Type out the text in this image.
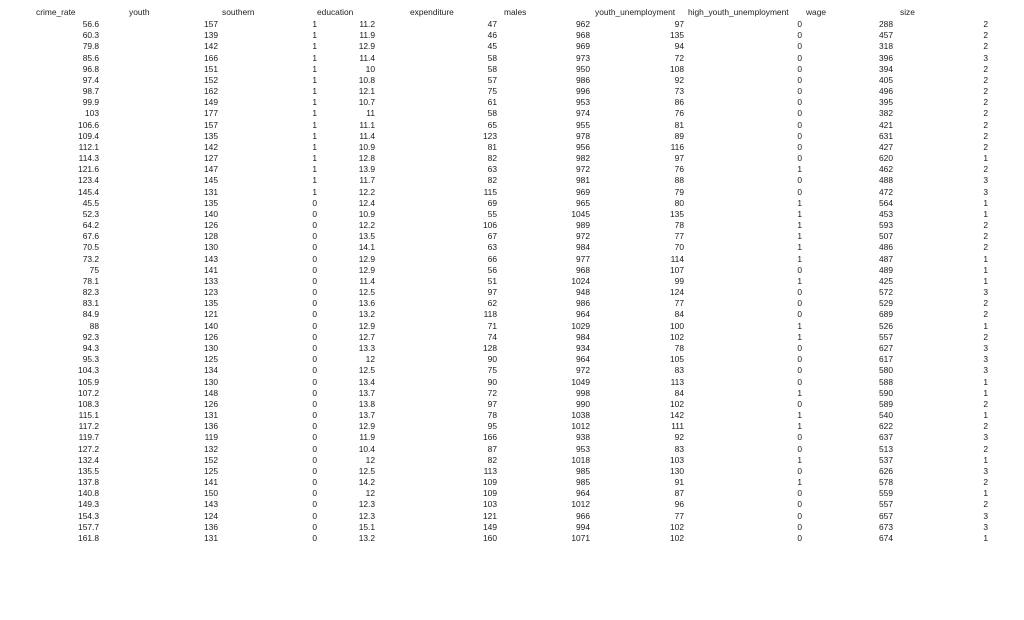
crime_rate	youth	southern	education	expenditure	males	youth_unemployment high_youth_unemployment wage	size
56.6	157	1	11.2	47	962	97	0	288	2
60.3	139	1	11.9	46	968	135	0	457	2
79.8	142	1	12.9	45	969	94	0	318	2
85.6	166	1	11.4	58	973	72	0	396	3
96.8	151	1	10	58	950	108	0	394	2
97.4	152	1	10.8	57	986	92	0	405	2
98.7	162	1	12.1	75	996	73	0	496	2
99.9	149	1	10.7	61	953	86	0	395	2
103	177	1	11	58	974	76	0	382	2
106.6	157	1	11.1	65	955	81	0	421	2
109.4	135	1	11.4	123	978	89	0	631	2
112.1	142	1	10.9	81	956	116	0	427	2
114.3	127	1	12.8	82	982	97	0	620	1
121.6	147	1	13.9	63	972	76	1	462	2
123.4	145	1	11.7	82	981	88	0	488	3
145.4	131	1	12.2	115	969	79	0	472	3
45.5	135	0	12.4	69	965	80	1	564	1
52.3	140	0	10.9	55	1045	135	1	453	1
64.2	126	0	12.2	106	989	78	1	593	2
67.6	128	0	13.5	67	972	77	1	507	2
70.5	130	0	14.1	63	984	70	1	486	2
73.2	143	0	12.9	66	977	114	1	487	1
75	141	0	12.9	56	968	107	0	489	1
78.1	133	0	11.4	51	1024	99	1	425	1
82.3	123	0	12.5	97	948	124	0	572	3
83.1	135	0	13.6	62	986	77	0	529	2
84.9	121	0	13.2	118	964	84	0	689	2
88	140	0	12.9	71	1029	100	1	526	1
92.3	126	0	12.7	74	984	102	1	557	2
94.3	130	0	13.3	128	934	78	0	627	3
95.3	125	0	12	90	964	105	0	617	3
104.3	134	0	12.5	75	972	83	0	580	3
105.9	130	0	13.4	90	1049	113	0	588	1
107.2	148	0	13.7	72	998	84	1	590	1
108.3	126	0	13.8	97	990	102	0	589	2
115.1	131	0	13.7	78	1038	142	1	540	1
117.2	136	0	12.9	95	1012	111	1	622	2
119.7	119	0	11.9	166	938	92	0	637	3
127.2	132	0	10.4	87	953	83	0	513	2
132.4	152	0	12	82	1018	103	1	537	1
135.5	125	0	12.5	113	985	130	0	626	3
137.8	141	0	14.2	109	985	91	1	578	2
140.8	150	0	12	109	964	87	0	559	1
149.3	143	0	12.3	103	1012	96	0	557	2
154.3	124	0	12.3	121	966	77	0	657	3
157.7	136	0	15.1	149	994	102	0	673	3
161.8	131	0	13.2	160	1071	102	0	674	1
